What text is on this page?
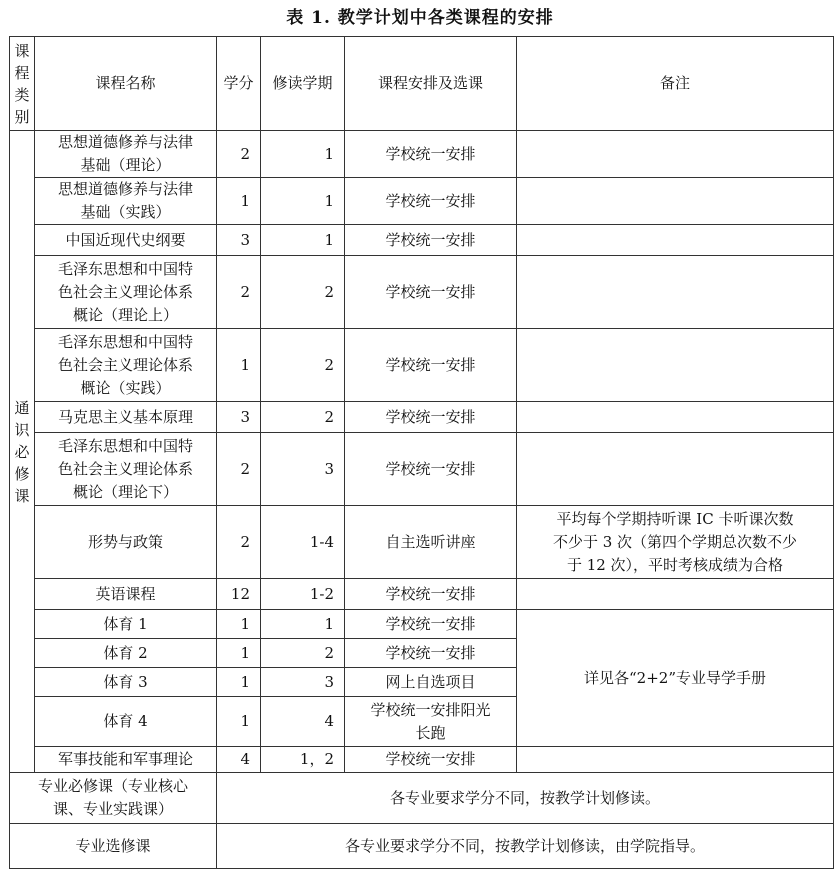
表 1. 教学计划中各类课程的安排
课
程
类
别	课程名称	学分	修读学期	课程安排及选课	备注
通
识
必
修
课	思想道德修养与法律
基础（理论）	2	1	学校统一安排	
	思想道德修养与法律
基础（实践）	1	1	学校统一安排	
	中国近现代史纲要	3	1	学校统一安排	
	毛泽东思想和中国特
色社会主义理论体系
概论（理论上）	2	2	学校统一安排	
	毛泽东思想和中国特
色社会主义理论体系
概论（实践）	1	2	学校统一安排	
	马克思主义基本原理	3	2	学校统一安排	
	毛泽东思想和中国特
色社会主义理论体系
概论（理论下）	2	3	学校统一安排	
	形势与政策	2	1-4	自主选听讲座	平均每个学期持听课 IC 卡听课次数
不少于 3 次（第四个学期总次数不少
于 12 次），平时考核成绩为合格
	英语课程	12	1-2	学校统一安排	
	体育 1	1	1	学校统一安排	详见各“2+2”专业导学手册
	体育 2	1	2	学校统一安排	
	体育 3	1	3	网上自选项目	
	体育 4	1	4	学校统一安排阳光
长跑	
	军事技能和军事理论	4	1，2	学校统一安排	
专业必修课（专业核心
课、专业实践课）		各专业要求学分不同，按教学计划修读。			
专业选修课		各专业要求学分不同，按教学计划修读，由学院指导。			
